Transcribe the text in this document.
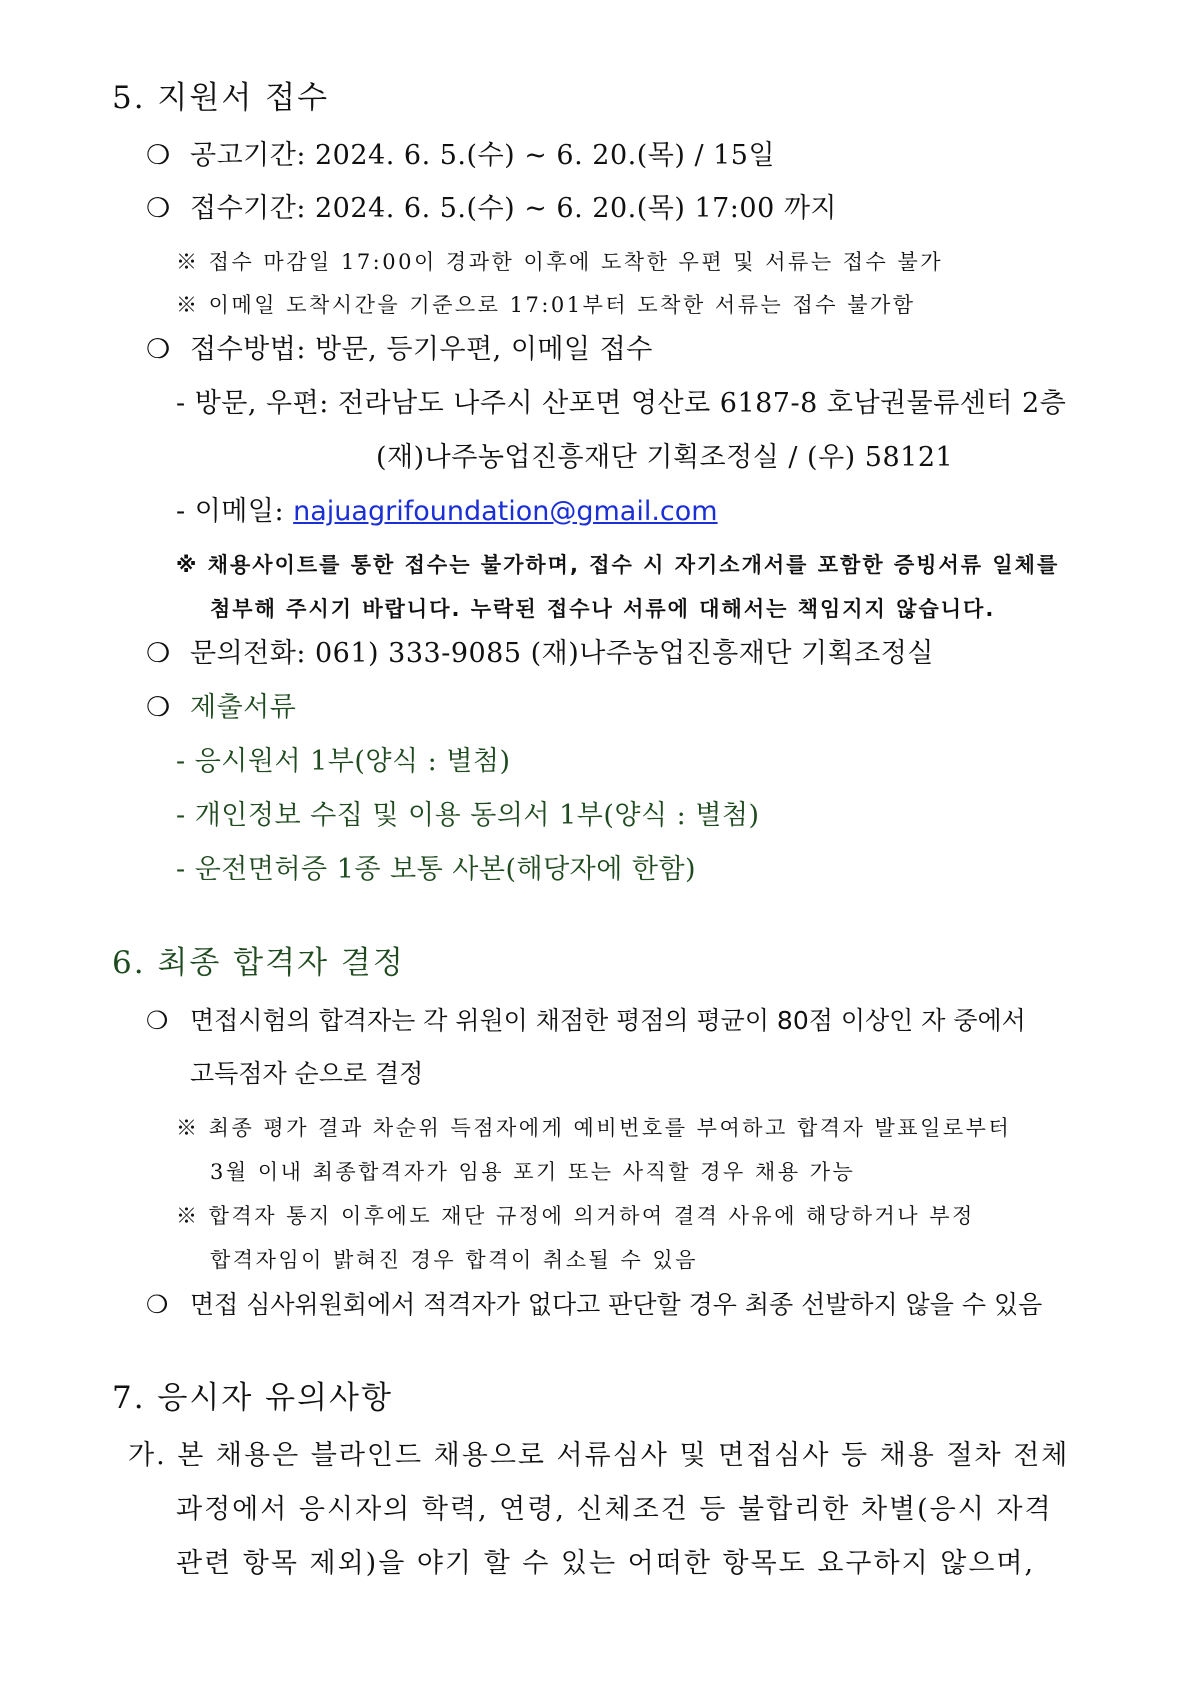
5. 지원서 접수
❍ 공고기간: 2024. 6. 5.(수) ~ 6. 20.(목) / 15일
❍ 접수기간: 2024. 6. 5.(수) ~ 6. 20.(목) 17:00 까지
※ 접수 마감일 17:00이 경과한 이후에 도착한 우편 및 서류는 접수 불가
※ 이메일 도착시간을 기준으로 17:01부터 도착한 서류는 접수 불가함
❍ 접수방법: 방문, 등기우편, 이메일 접수
- 방문, 우편: 전라남도 나주시 산포면 영산로 6187-8 호남권물류센터 2층
(재)나주농업진흥재단 기획조정실 / (우) 58121
- 이메일: najuagrifoundation@gmail.com
※ 채용사이트를 통한 접수는 불가하며, 접수 시 자기소개서를 포함한 증빙서류 일체를
첨부해 주시기 바랍니다. 누락된 접수나 서류에 대해서는 책임지지 않습니다.
❍ 문의전화: 061) 333-9085 (재)나주농업진흥재단 기획조정실
❍ 제출서류
- 응시원서 1부(양식 : 별첨)
- 개인정보 수집 및 이용 동의서 1부(양식 : 별첨)
- 운전면허증 1종 보통 사본(해당자에 한함)
6. 최종 합격자 결정
❍ 면접시험의 합격자는 각 위원이 채점한 평점의 평균이 80점 이상인 자 중에서
고득점자 순으로 결정
※ 최종 평가 결과 차순위 득점자에게 예비번호를 부여하고 합격자 발표일로부터
3월 이내 최종합격자가 임용 포기 또는 사직할 경우 채용 가능
※ 합격자 통지 이후에도 재단 규정에 의거하여 결격 사유에 해당하거나 부정
합격자임이 밝혀진 경우 합격이 취소될 수 있음
❍ 면접 심사위원회에서 적격자가 없다고 판단할 경우 최종 선발하지 않을 수 있음
7. 응시자 유의사항
가. 본 채용은 블라인드 채용으로 서류심사 및 면접심사 등 채용 절차 전체
과정에서 응시자의 학력, 연령, 신체조건 등 불합리한 차별(응시 자격
관련 항목 제외)을 야기 할 수 있는 어떠한 항목도 요구하지 않으며,
